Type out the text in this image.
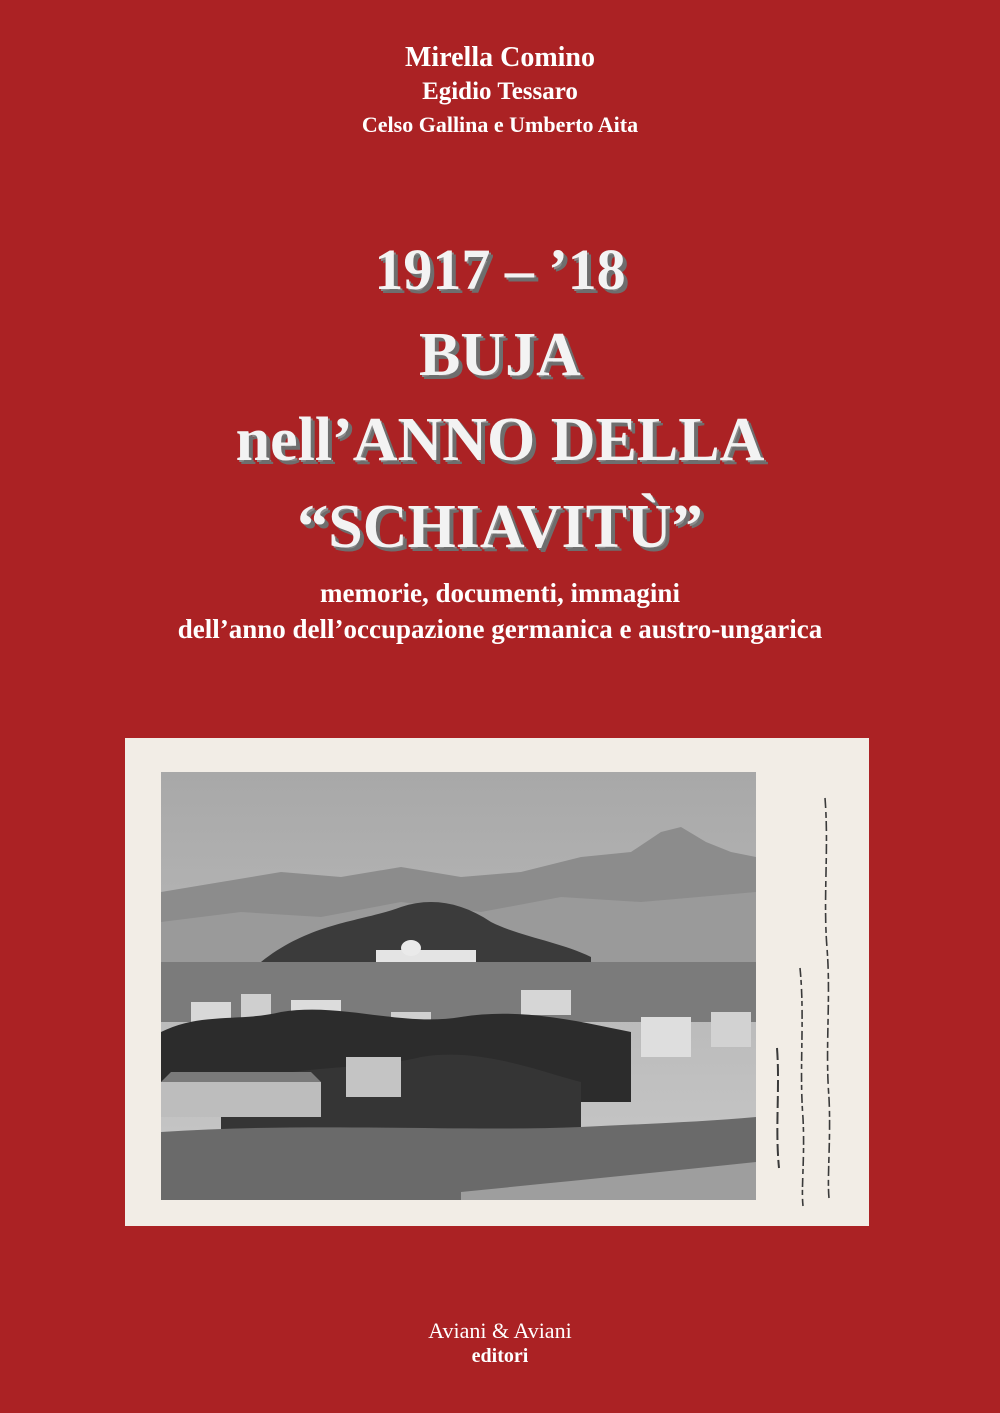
Mirella Comino
Egidio Tessaro
Celso Gallina e Umberto Aita
1917 – ’18
BUJA
nell’ANNO DELLA
“SCHIAVITÙ”
memorie, documenti, immagini
dell’anno dell’occupazione germanica e austro-ungarica
Aviani & Aviani
editori
